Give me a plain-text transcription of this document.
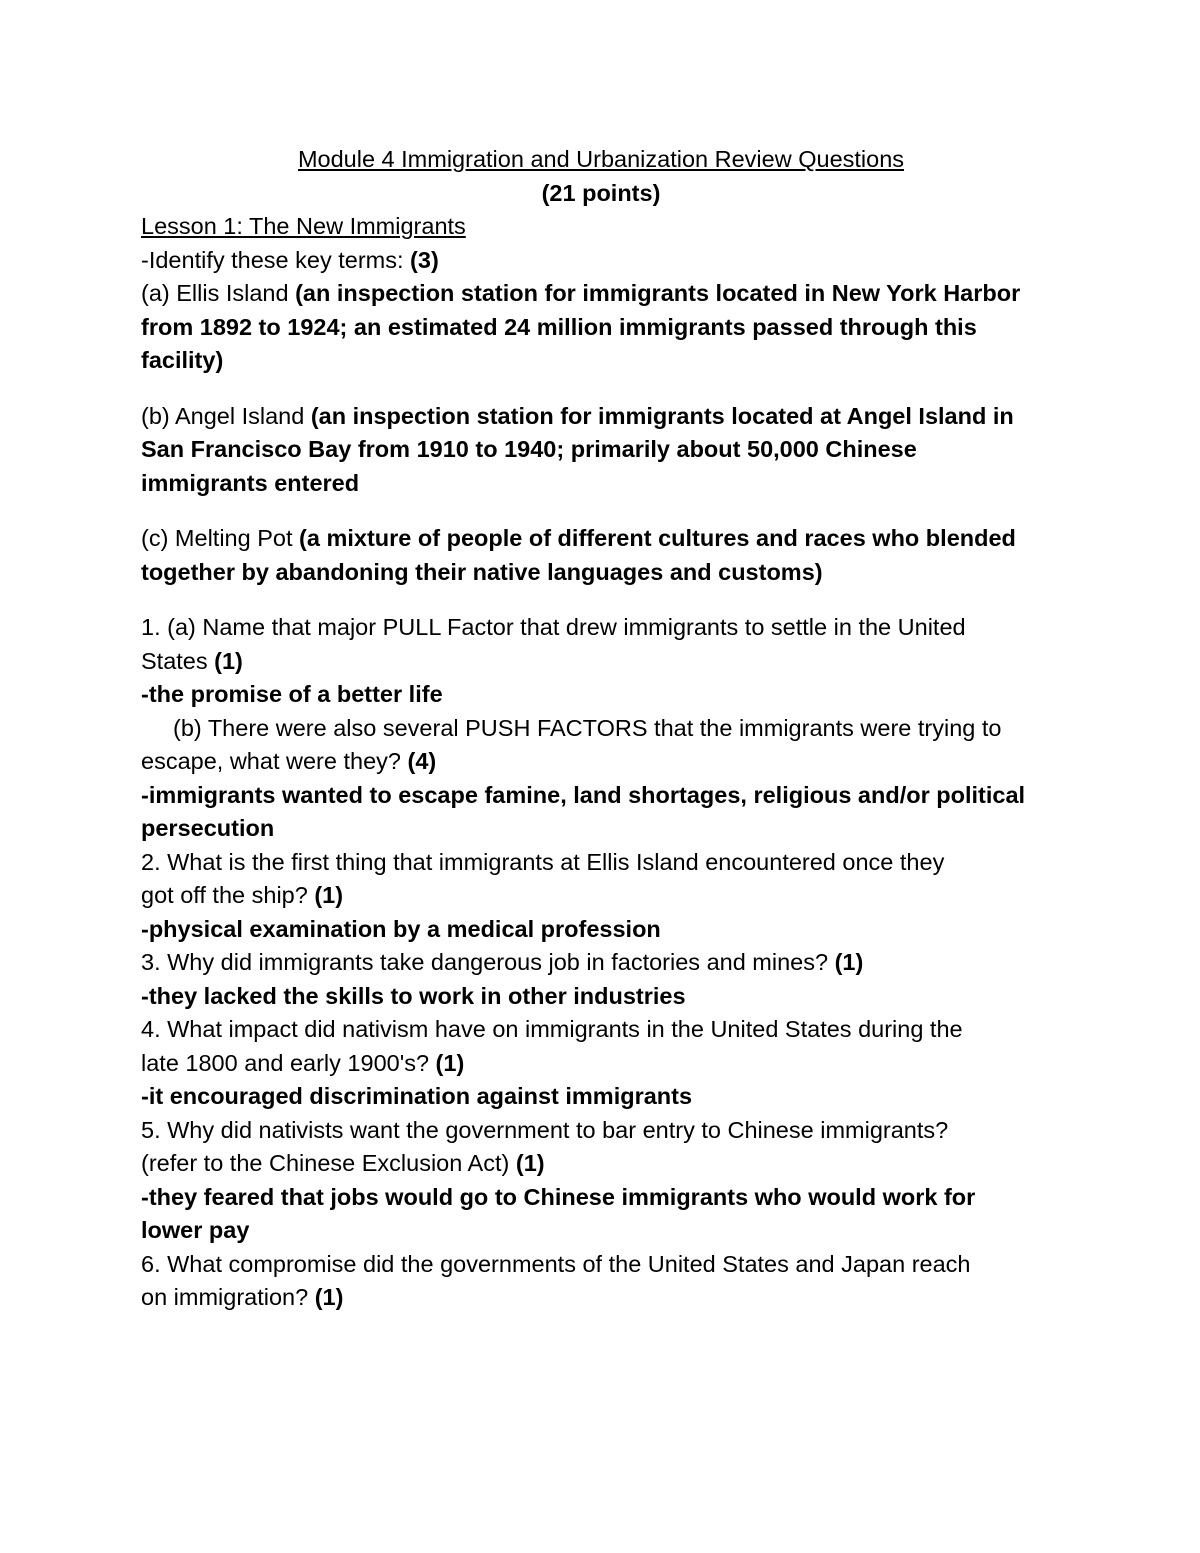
Module 4 Immigration and Urbanization Review Questions
(21 points)
Lesson 1: The New Immigrants
-Identify these key terms: (3)
(a) Ellis Island (an inspection station for immigrants located in New York Harbor
from 1892 to 1924; an estimated 24 million immigrants passed through this
facility)
(b) Angel Island (an inspection station for immigrants located at Angel Island in
San Francisco Bay from 1910 to 1940; primarily about 50,000 Chinese
immigrants entered
(c) Melting Pot (a mixture of people of different cultures and races who blended
together by abandoning their native languages and customs)
1. (a) Name that major PULL Factor that drew immigrants to settle in the United
States (1)
-the promise of a better life
(b) There were also several PUSH FACTORS that the immigrants were trying to
escape, what were they? (4)
-immigrants wanted to escape famine, land shortages, religious and/or political
persecution
2. What is the first thing that immigrants at Ellis Island encountered once they
got off the ship? (1)
-physical examination by a medical profession
3. Why did immigrants take dangerous job in factories and mines? (1)
-they lacked the skills to work in other industries
4. What impact did nativism have on immigrants in the United States during the
late 1800 and early 1900's? (1)
-it encouraged discrimination against immigrants
5. Why did nativists want the government to bar entry to Chinese immigrants?
(refer to the Chinese Exclusion Act) (1)
-they feared that jobs would go to Chinese immigrants who would work for
lower pay
6. What compromise did the governments of the United States and Japan reach
on immigration? (1)
